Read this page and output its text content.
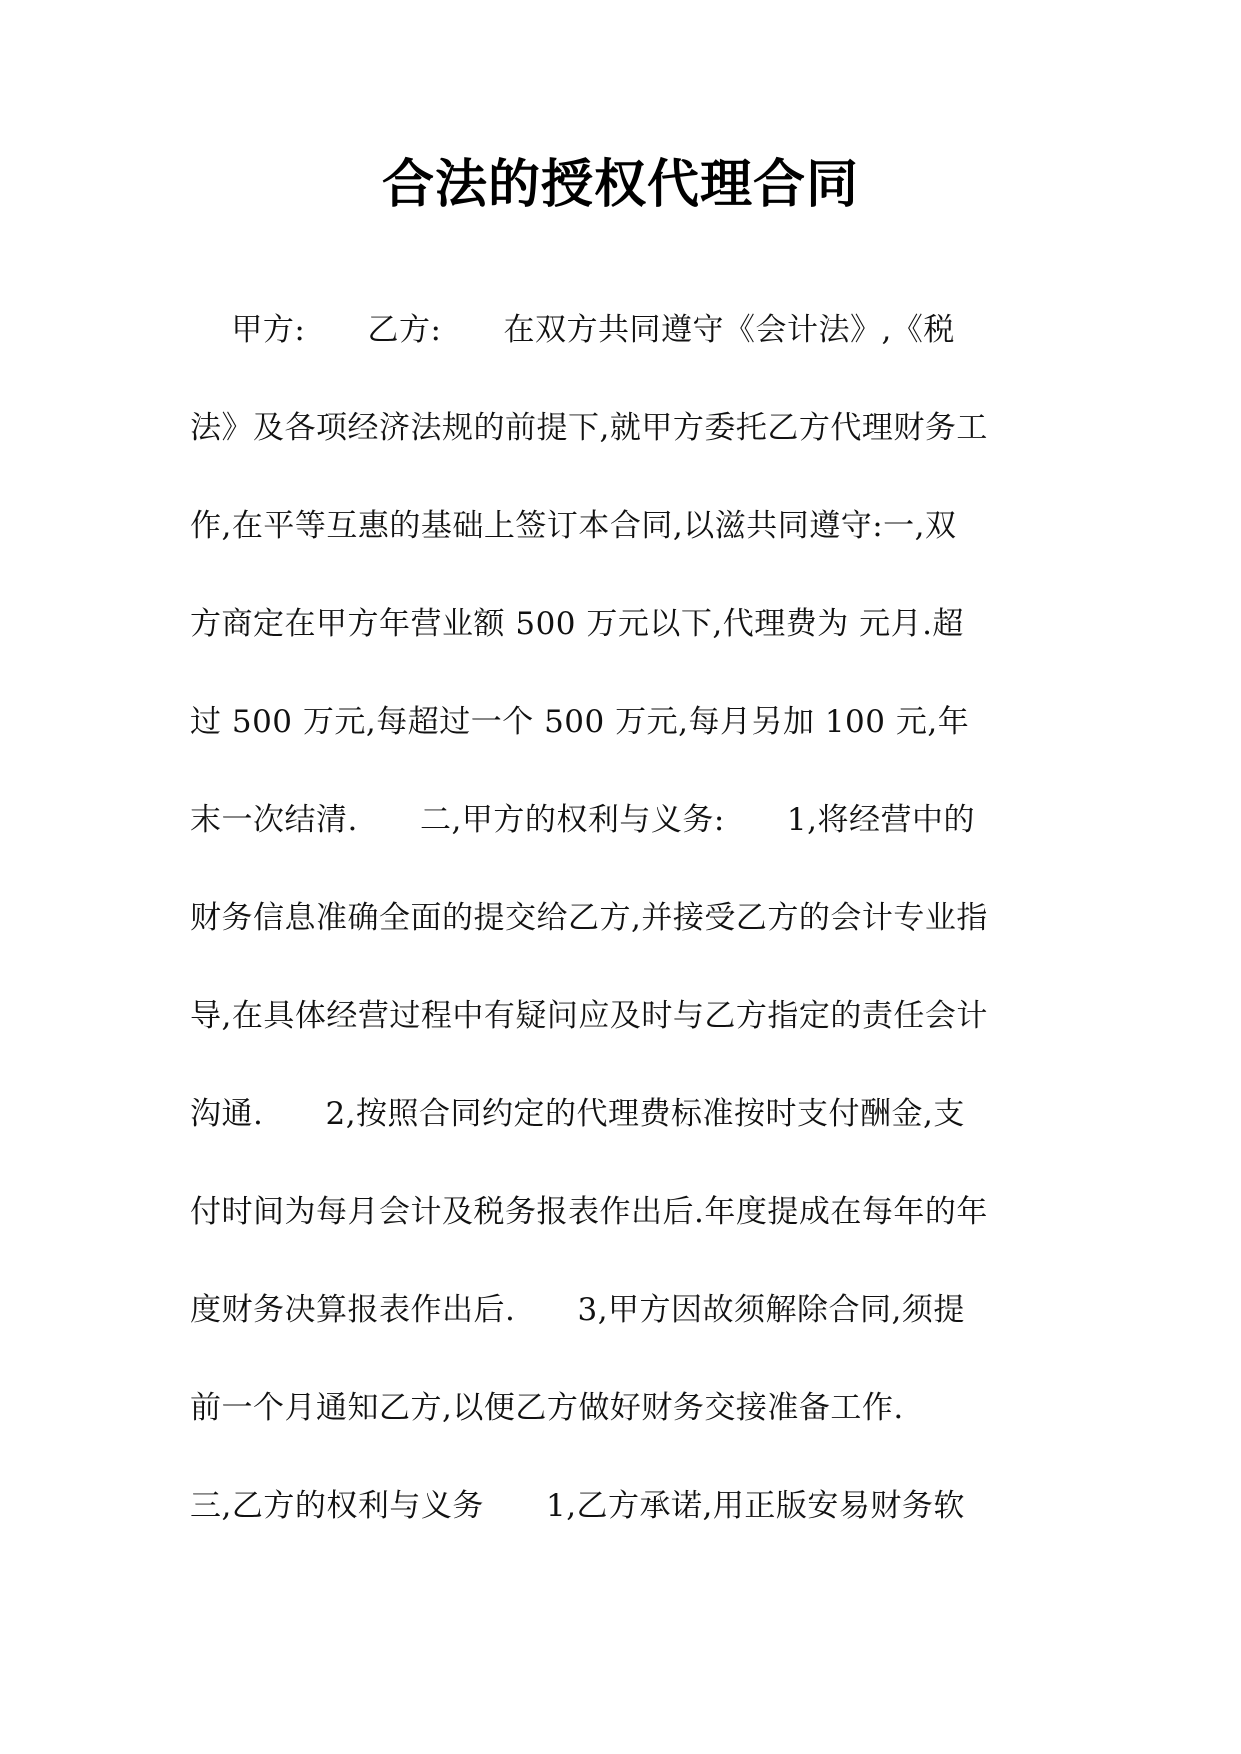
合法的授权代理合同
甲方:      乙方:      在双方共同遵守《会计法》,《税
法》及各项经济法规的前提下,就甲方委托乙方代理财务工
作,在平等互惠的基础上签订本合同,以滋共同遵守:一,双
方商定在甲方年营业额 500 万元以下,代理费为 元月.超
过 500 万元,每超过一个 500 万元,每月另加 100 元,年
末一次结清.      二,甲方的权利与义务:      1,将经营中的
财务信息准确全面的提交给乙方,并接受乙方的会计专业指
导,在具体经营过程中有疑问应及时与乙方指定的责任会计
沟通.      2,按照合同约定的代理费标准按时支付酬金,支
付时间为每月会计及税务报表作出后.年度提成在每年的年
度财务决算报表作出后.      3,甲方因故须解除合同,须提
前一个月通知乙方,以便乙方做好财务交接准备工作.
三,乙方的权利与义务      1,乙方承诺,用正版安易财务软
